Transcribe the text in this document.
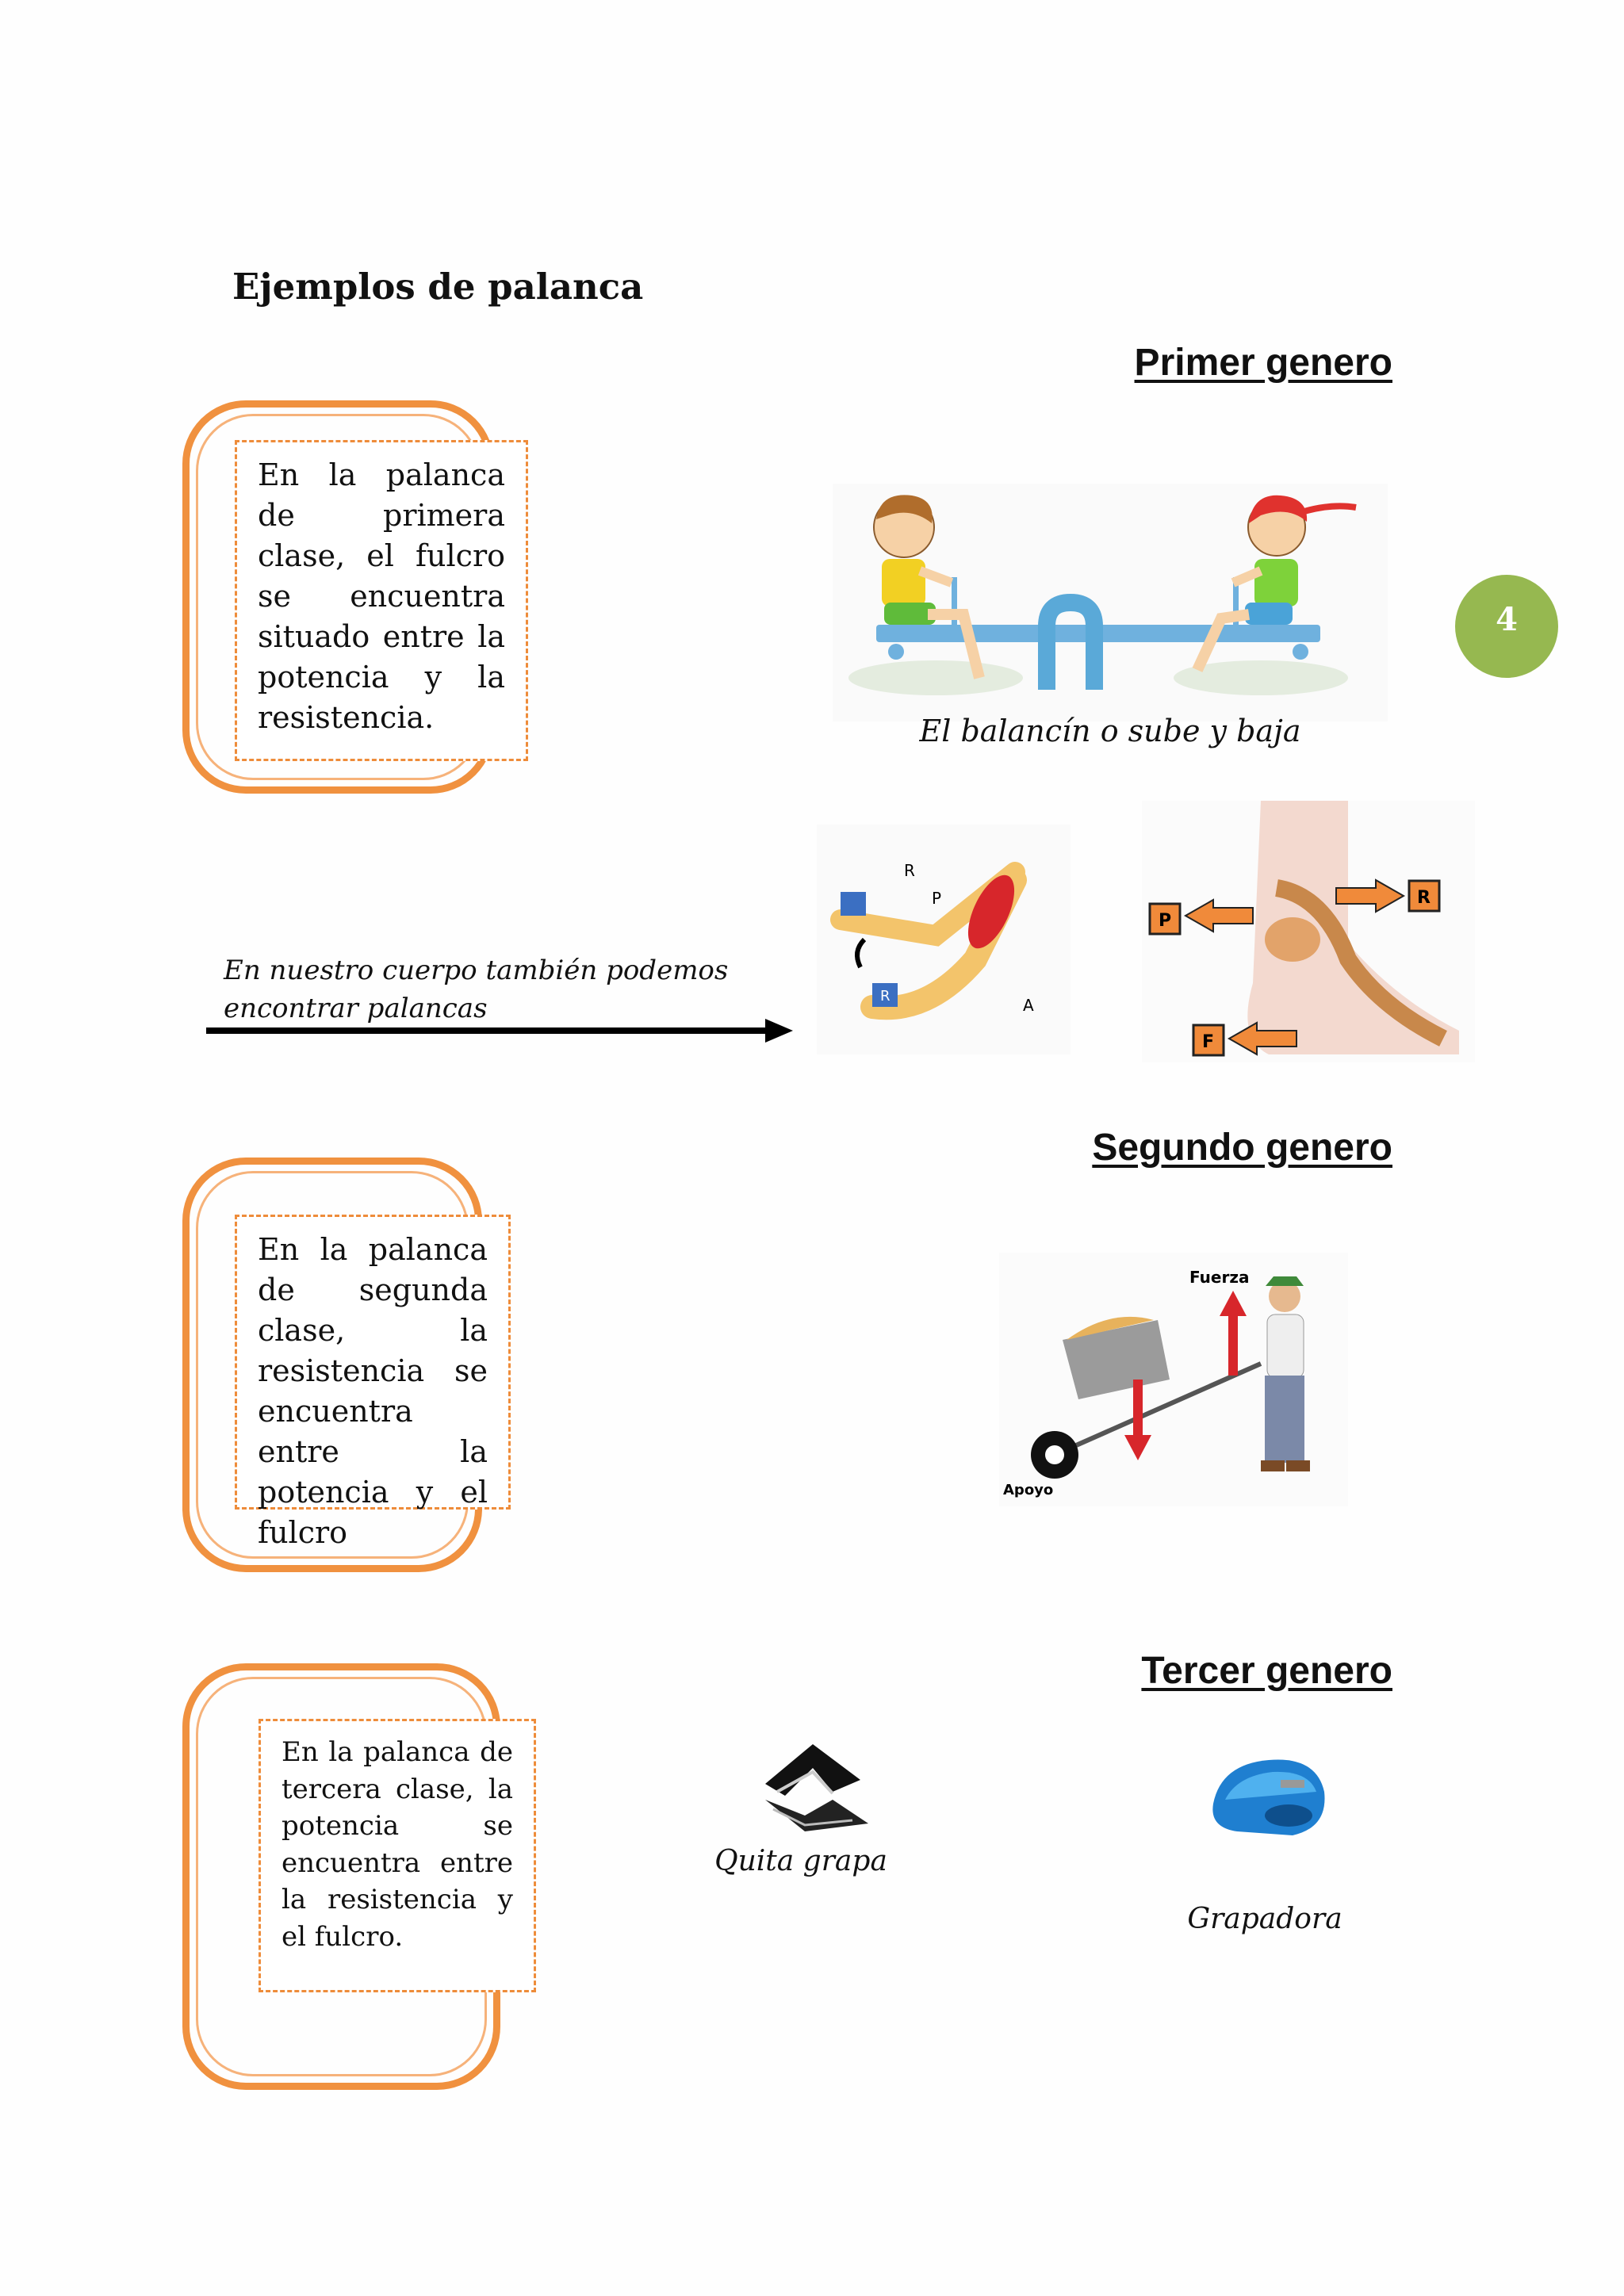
Ejemplos de palanca
4
Primer genero
En la palanca de primera clase, el fulcro se encuentra situado entre la potencia y la resistencia.	El balancín o sube y baja
En nuestro cuerpo también podemos encontrar palancas
R
P
A
R
P
R
F
Segundo genero
En la palanca de segunda clase, la resistencia se encuentra entre la potencia y el fulcro
Fuerza
Apoyo
Tercer genero
En la palanca de tercera clase, la potencia se encuentra entre la resistencia y el fulcro.
Quita grapa
Grapadora
